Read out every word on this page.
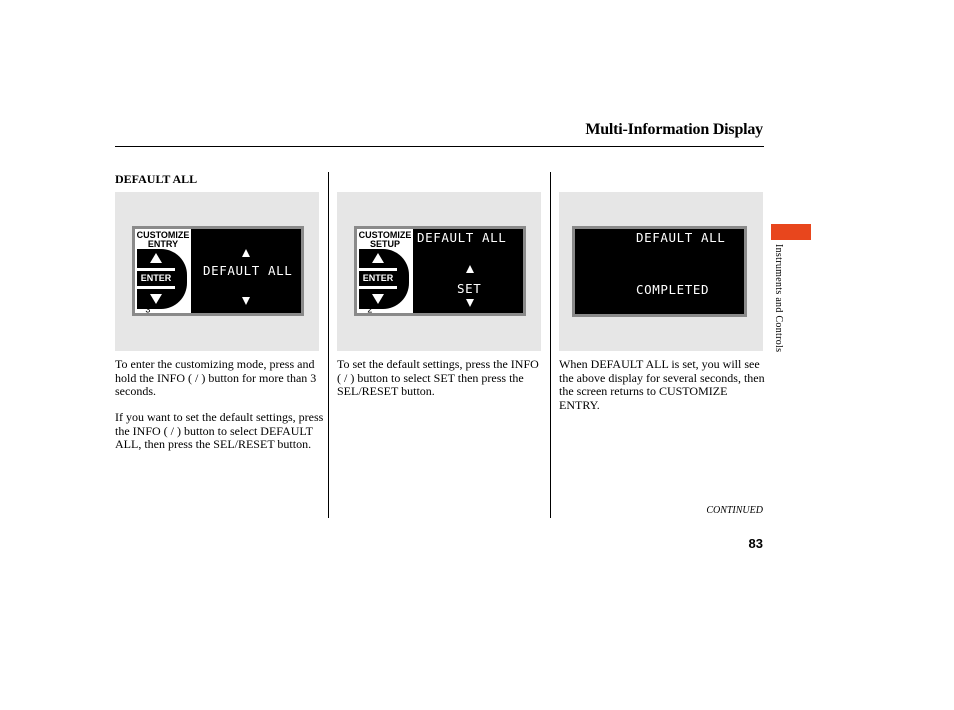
Multi-Information Display
DEFAULT ALL
CUSTOMIZE
ENTRY
ENTER
$^2/_3$
DEFAULT ALL
CUSTOMIZE
SETUP
ENTER
$^1/_2$
DEFAULT ALL
SET
DEFAULT ALL
COMPLETED
To enter the customizing mode, press and hold the INFO ( / ) button for more than 3 seconds.
If you want to set the default settings, press the INFO ( / ) button to select DEFAULT ALL, then press the SEL/RESET button.
To set the default settings, press the INFO ( / ) button to select SET then press the SEL/RESET button.
When DEFAULT ALL is set, you will see the above display for several seconds, then the screen returns to CUSTOMIZE ENTRY.
CONTINUED
83
Instruments and Controls
